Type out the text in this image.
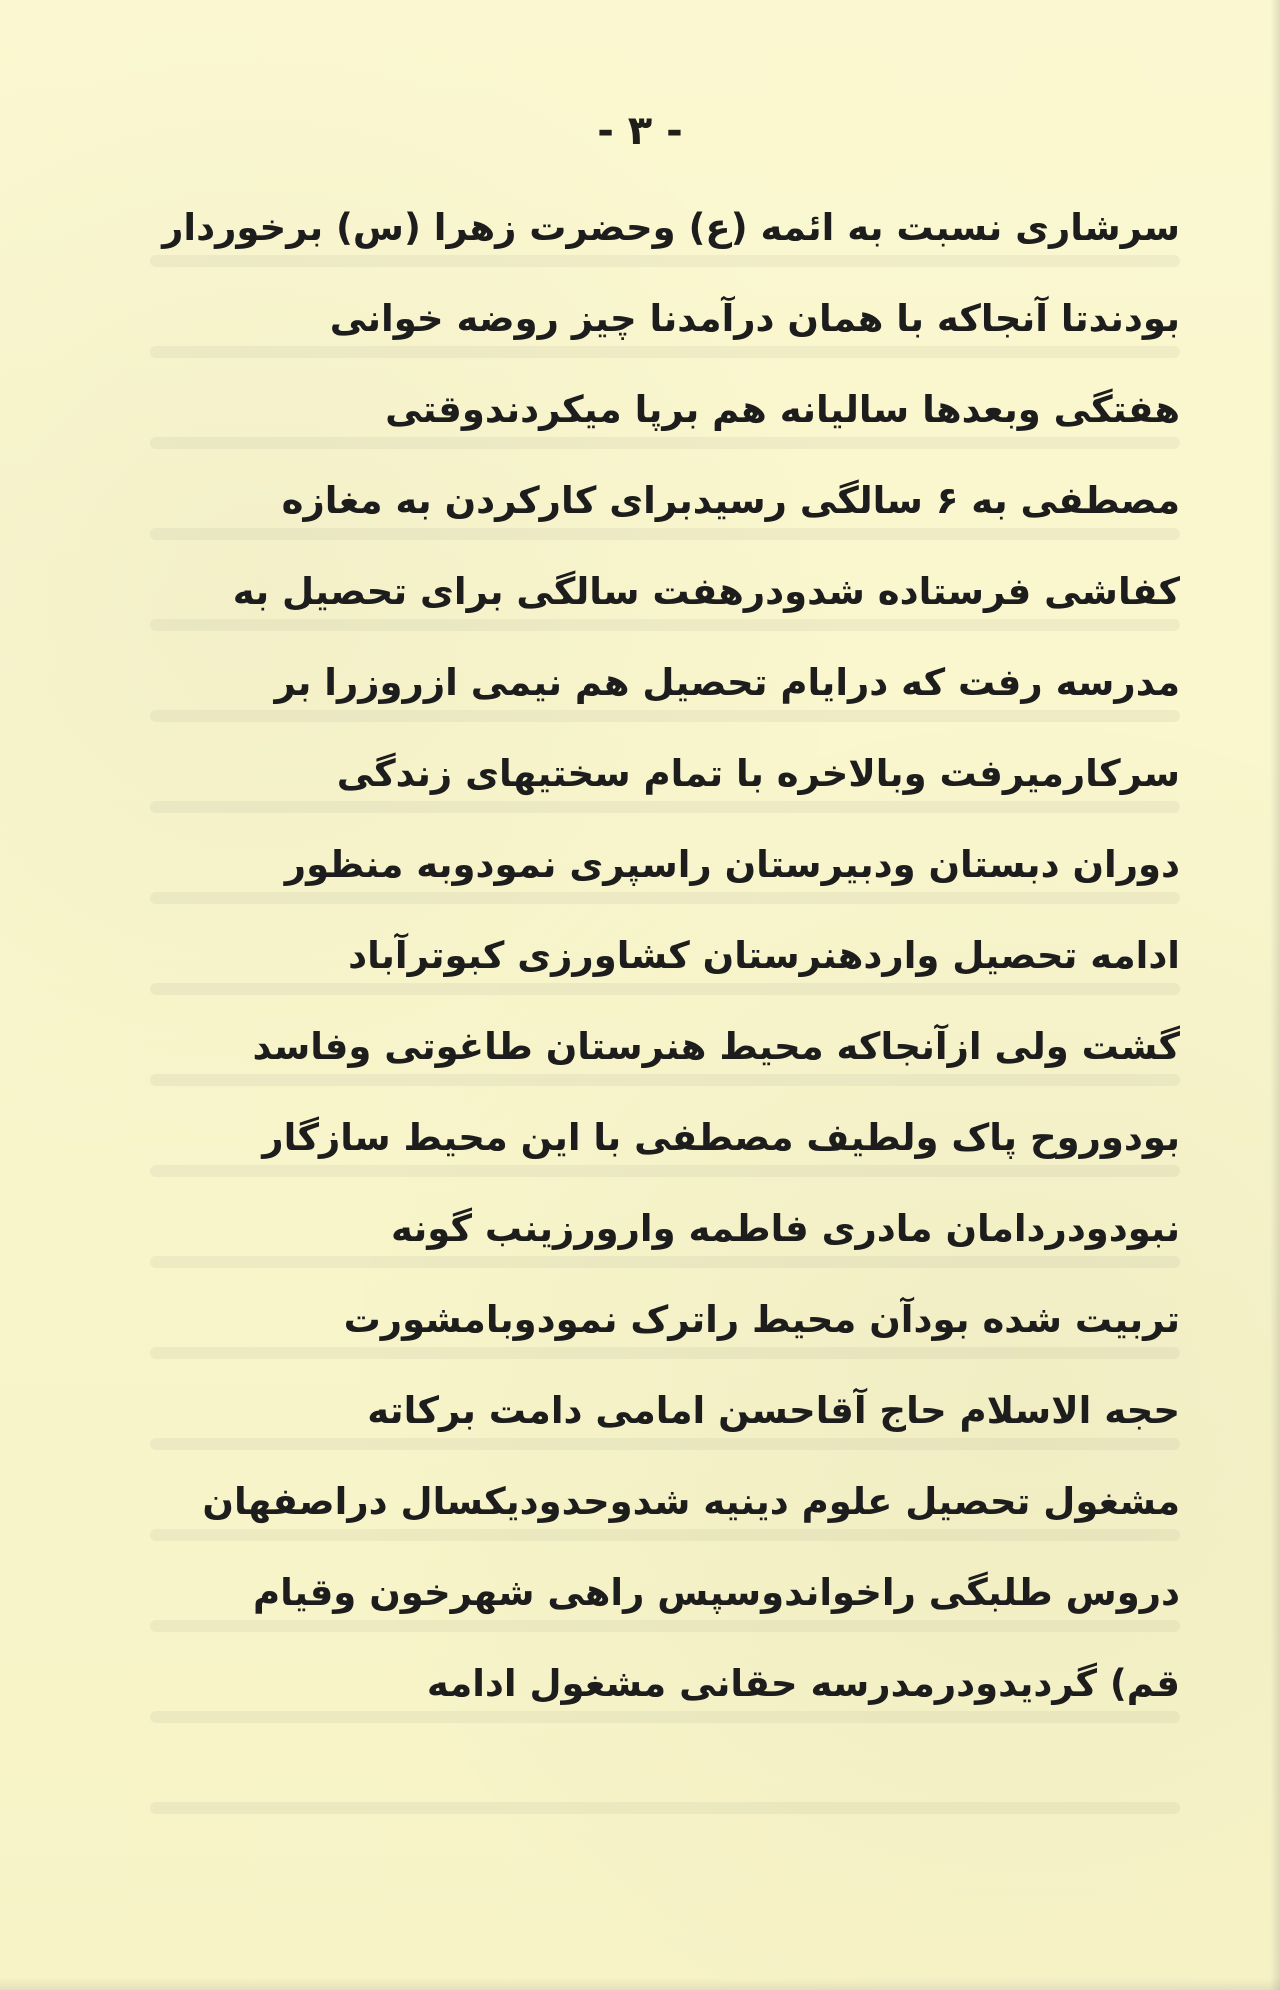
- ٣ -
سرشاری نسبت به ائمه (ع) وحضرت زهرا (س) برخوردار
بودندتا آنجاکه با همان درآمدنا چیز روضه خوانی
هفتگی وبعدها سالیانه هم برپا میکردندوقتی
مصطفی به ۶ سالگی رسیدبرای کارکردن به مغازه
کفاشی فرستاده شدودرهفت سالگی برای تحصیل به
مدرسه رفت که درایام تحصیل هم نیمی ازروزرا بر
سرکارمیرفت وبالاخره با تمام سختیهای زندگی
دوران دبستان ودبیرستان راسپری نمودوبه منظور
ادامه تحصیل واردهنرستان کشاورزی کبوترآباد
گشت ولی ازآنجاکه محیط هنرستان طاغوتی وفاسد
بودوروح پاک ولطیف مصطفی با این محیط سازگار
نبودودردامان مادری فاطمه وارورزینب گونه
تربیت شده بودآن محیط راترک نمودوبامشورت
حجه الاسلام حاج آقاحسن امامی دامت برکاته
مشغول تحصیل علوم دینیه شدوحدودیکسال دراصفهان
دروس طلبگی راخواندوسپس راهی شهرخون وقیام
قم) گردیدودرمدرسه حقانی مشغول ادامه
